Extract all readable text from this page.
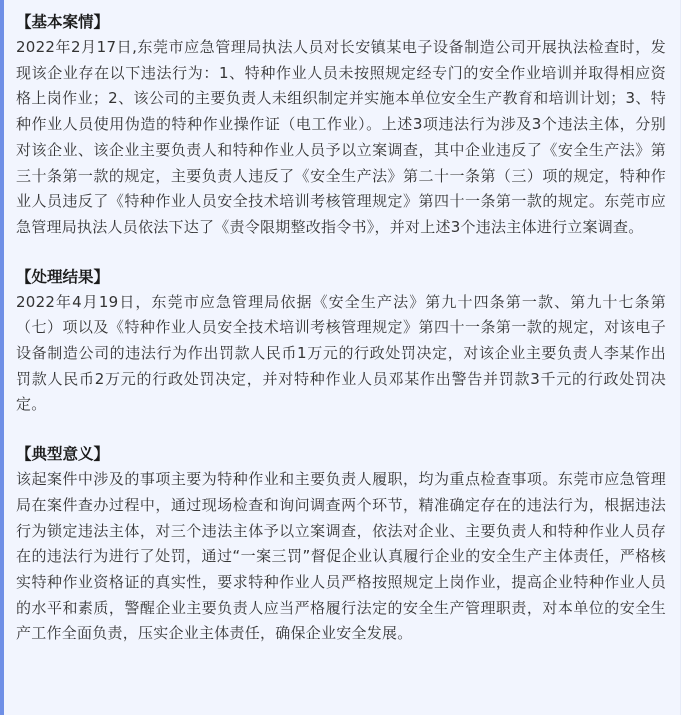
【基本案情】

2022年2月17日,东莞市应急管理局执法人员对长安镇某电子设备制造公司开展执法检查时，发现该企业存在以下违法行为：1、特种作业人员未按照规定经专门的安全作业培训并取得相应资格上岗作业；2、该公司的主要负责人未组织制定并实施本单位安全生产教育和培训计划；3、特种作业人员使用伪造的特种作业操作证（电工作业）。上述3项违法行为涉及3个违法主体，分别对该企业、该企业主要负责人和特种作业人员予以立案调查，其中企业违反了《安全生产法》第三十条第一款的规定，主要负责人违反了《安全生产法》第二十一条第（三）项的规定，特种作业人员违反了《特种作业人员安全技术培训考核管理规定》第四十一条第一款的规定。东莞市应急管理局执法人员依法下达了《责令限期整改指令书》，并对上述3个违法主体进行立案调查。

【处理结果】

2022年4月19日，东莞市应急管理局依据《安全生产法》第九十四条第一款、第九十七条第（七）项以及《特种作业人员安全技术培训考核管理规定》第四十一条第一款的规定，对该电子设备制造公司的违法行为作出罚款人民币1万元的行政处罚决定，对该企业主要负责人李某作出罚款人民币2万元的行政处罚决定，并对特种作业人员邓某作出警告并罚款3千元的行政处罚决定。

【典型意义】

该起案件中涉及的事项主要为特种作业和主要负责人履职，均为重点检查事项。东莞市应急管理局在案件查办过程中，通过现场检查和询问调查两个环节，精准确定存在的违法行为，根据违法行为锁定违法主体，对三个违法主体予以立案调查，依法对企业、主要负责人和特种作业人员存在的违法行为进行了处罚，通过“一案三罚”督促企业认真履行企业的安全生产主体责任，严格核实特种作业资格证的真实性，要求特种作业人员严格按照规定上岗作业，提高企业特种作业人员的水平和素质，警醒企业主要负责人应当严格履行法定的安全生产管理职责，对本单位的安全生产工作全面负责，压实企业主体责任，确保企业安全发展。
